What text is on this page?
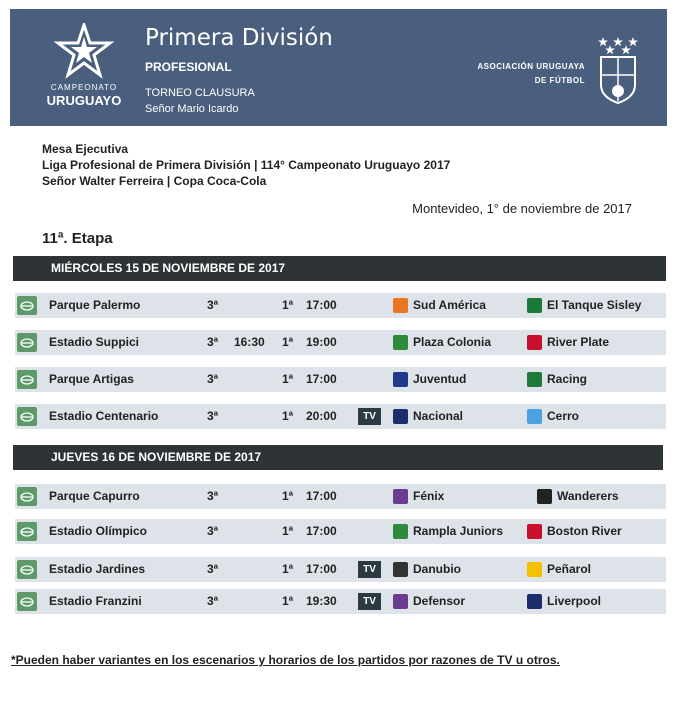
CAMPEONATO
URUGUAYO
Primera División
PROFESIONAL
TORNEO CLAUSURA
Señor Mario Icardo
ASOCIACIÓN URUGUAYA
DE FÚTBOL
Mesa Ejecutiva
Liga Profesional de Primera División | 114° Campeonato Uruguayo 2017
Señor Walter Ferreira | Copa Coca-Cola
Montevideo, 1° de noviembre de 2017
11ª. Etapa
MIÉRCOLES 15 DE NOVIEMBRE DE 2017
Parque Palermo	3ª	1ª 17:00	Sud América	El Tanque Sisley
Estadio Suppici	3ª 16:30 1ª 19:00	Plaza Colonia	River Plate
Parque Artigas	3ª	1ª 17:00	Juventud	Racing
Estadio Centenario	3ª	1ª 20:00	TV	Nacional	Cerro
JUEVES 16 DE NOVIEMBRE DE 2017
Parque Capurro	3ª	1ª 17:00	Fénix	Wanderers
Estadio Olímpico	3ª	1ª 17:00	Rampla Juniors	Boston River
Estadio Jardines	3ª	1ª 17:00	TV	Danubio	Peñarol
Estadio Franzini	3ª	1ª 19:30	TV	Defensor	Liverpool
*Pueden haber variantes en los escenarios y horarios de los partidos por razones de TV u otros.
